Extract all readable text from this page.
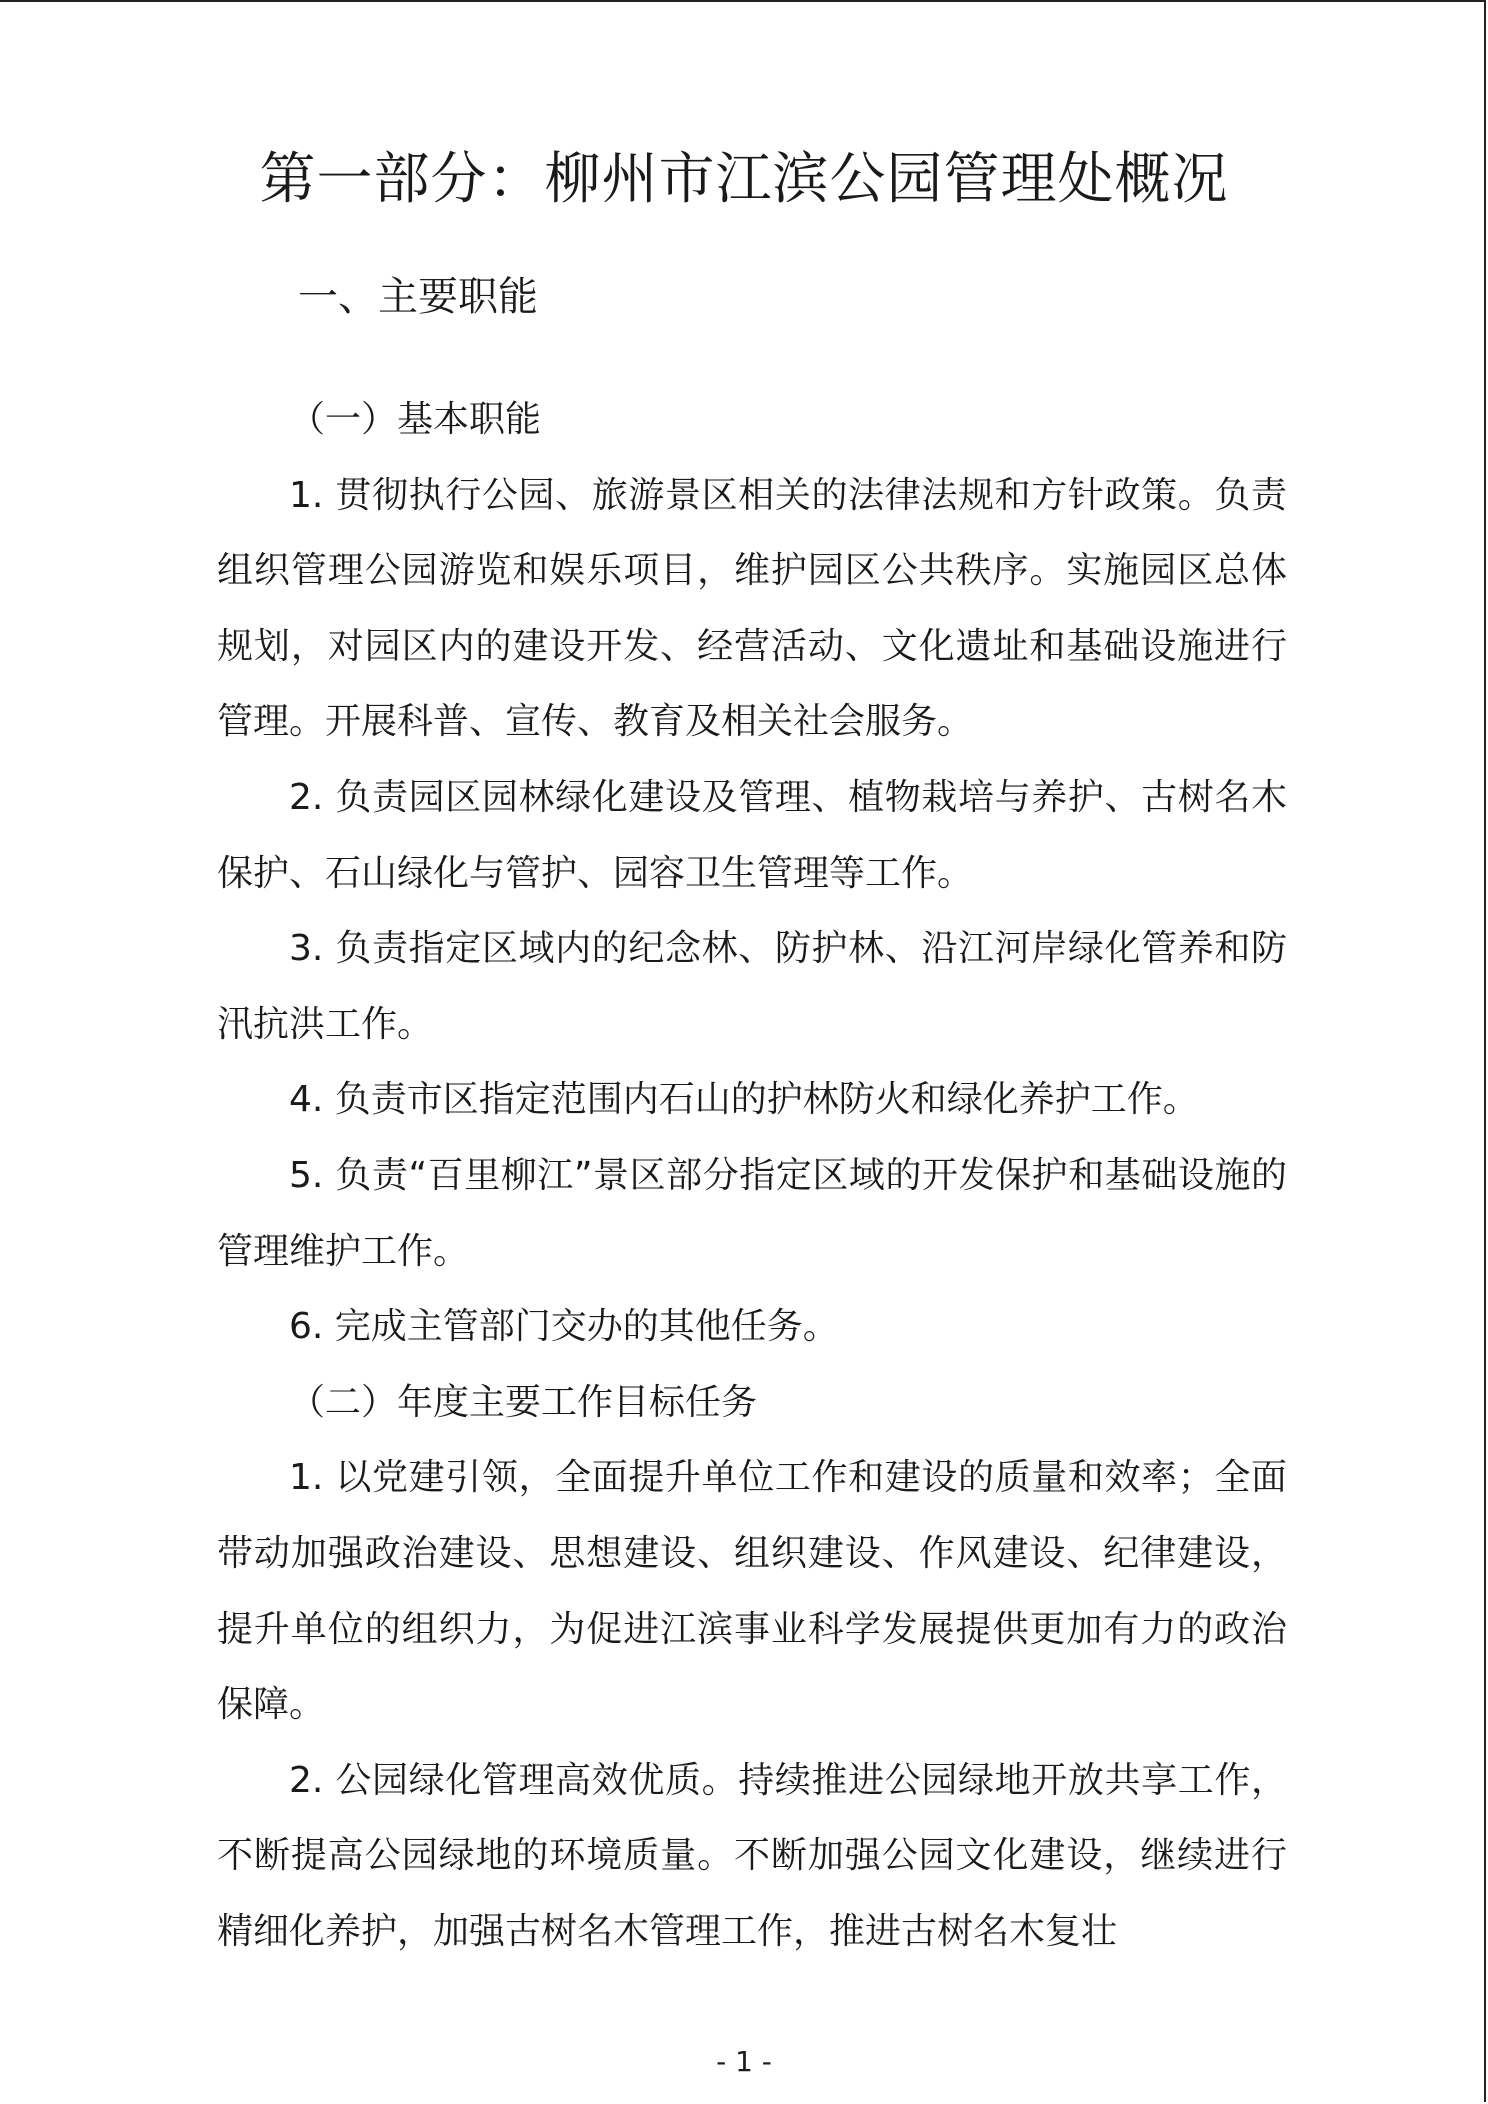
第一部分：柳州市江滨公园管理处概况
一、主要职能

（一）基本职能

1. 贯彻执行公园、旅游景区相关的法律法规和方针政策。负责组织管理公园游览和娱乐项目，维护园区公共秩序。实施园区总体规划，对园区内的建设开发、经营活动、文化遗址和基础设施进行管理。开展科普、宣传、教育及相关社会服务。

2. 负责园区园林绿化建设及管理、植物栽培与养护、古树名木保护、石山绿化与管护、园容卫生管理等工作。

3. 负责指定区域内的纪念林、防护林、沿江河岸绿化管养和防汛抗洪工作。

4. 负责市区指定范围内石山的护林防火和绿化养护工作。

5. 负责“百里柳江”景区部分指定区域的开发保护和基础设施的管理维护工作。

6. 完成主管部门交办的其他任务。

（二）年度主要工作目标任务

1. 以党建引领，全面提升单位工作和建设的质量和效率；全面带动加强政治建设、思想建设、组织建设、作风建设、纪律建设，提升单位的组织力，为促进江滨事业科学发展提供更加有力的政治保障。

2. 公园绿化管理高效优质。持续推进公园绿地开放共享工作，不断提高公园绿地的环境质量。不断加强公园文化建设，继续进行精细化养护，加强古树名木管理工作，推进古树名木复壮

- 1 -
